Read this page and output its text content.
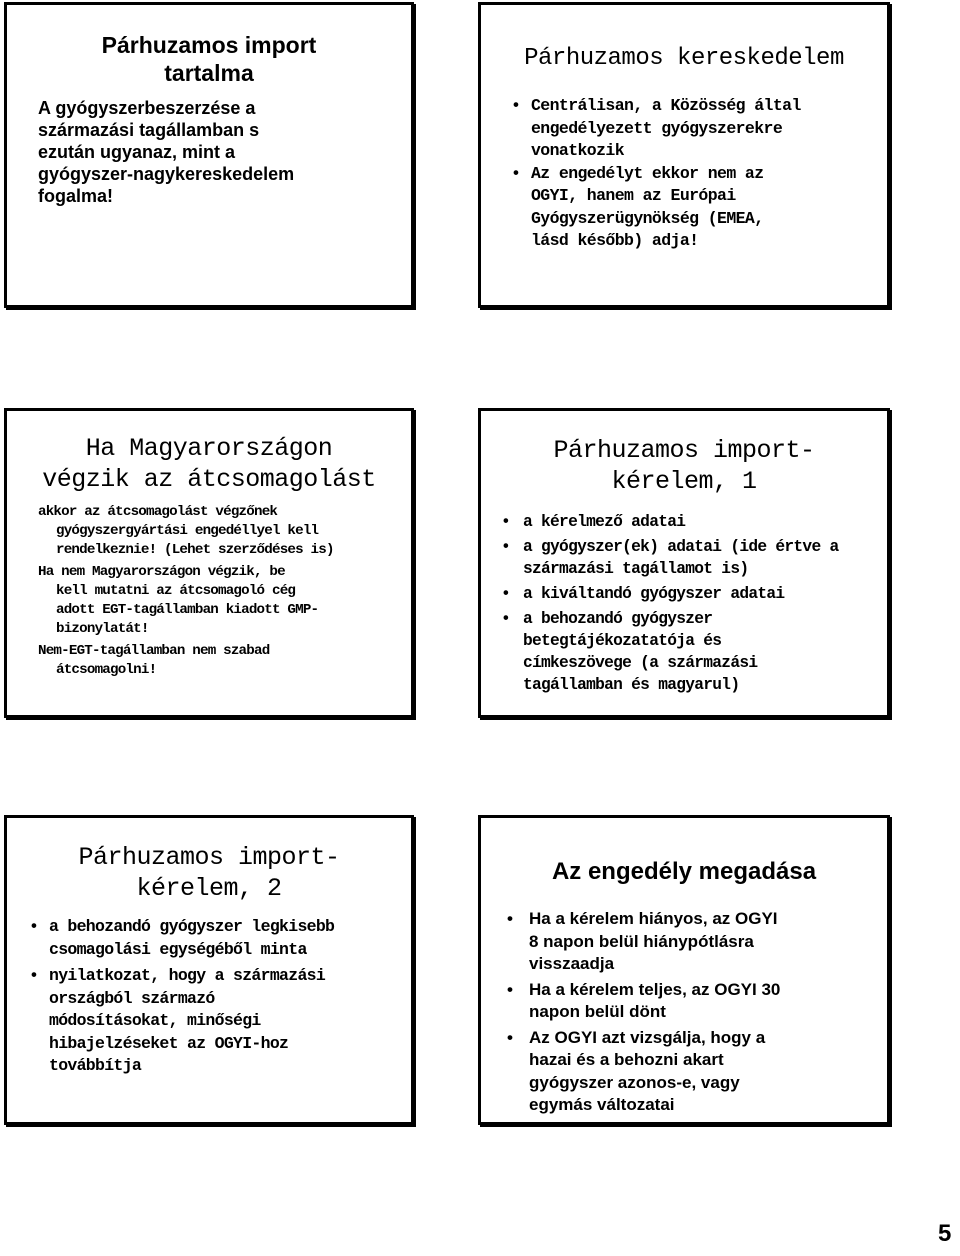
Párhuzamos import
tartalma
A gyógyszerbeszerzése a
származási tagállamban s
ezután ugyanaz, mint a
gyógyszer-nagykereskedelem
fogalma!
Párhuzamos kereskedelem
• Centrálisan, a Közösség által
engedélyezett gyógyszerekre
vonatkozik
• Az engedélyt ekkor nem az
OGYI, hanem az Európai
Gyógyszerügynökség (EMEA,
lásd később) adja!
Ha Magyarországon
végzik az átcsomagolást
akkor az átcsomagolást végzőnek
gyógyszergyártási engedéllyel kell
rendelkeznie! (Lehet szerződéses is)
Ha nem Magyarországon végzik, be
kell mutatni az átcsomagoló cég
adott EGT-tagállamban kiadott GMP-
bizonylatát!
Nem-EGT-tagállamban nem szabad
átcsomagolni!
Párhuzamos import-
kérelem, 1
• a kérelmező adatai
• a gyógyszer(ek) adatai (ide értve a
származási tagállamot is)
• a kiváltandó gyógyszer adatai
• a behozandó gyógyszer
betegtájékozatatója és
címkeszövege (a származási
tagállamban és magyarul)
Párhuzamos import-
kérelem, 2
• a behozandó gyógyszer legkisebb
csomagolási egységéből minta
• nyilatkozat, hogy a származási
országból származó
módosításokat, minőségi
hibajelzéseket az OGYI-hoz
továbbítja
Az engedély megadása
• Ha a kérelem hiányos, az OGYI
8 napon belül hiánypótlásra
visszaadja
• Ha a kérelem teljes, az OGYI 30
napon belül dönt
• Az OGYI azt vizsgálja, hogy a
hazai és a behozni akart
gyógyszer azonos-e, vagy
egymás változatai
5
